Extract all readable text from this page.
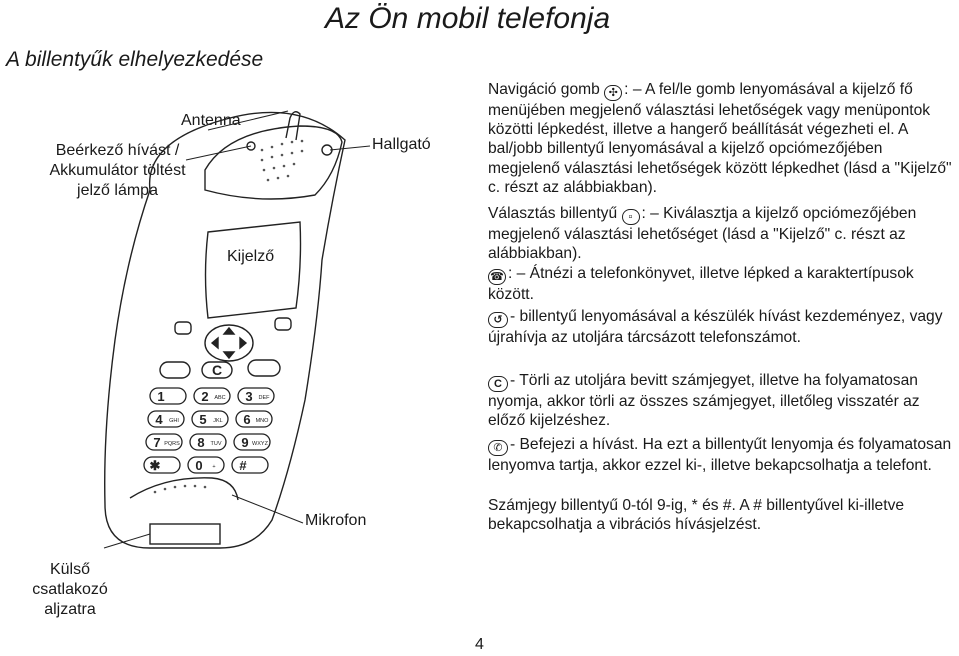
Az Ön mobil telefonja
A billentyűk elhelyezkedése
Antenna
Beérkező hívást /
Akkumulátor töltést
jelző lámpa
Hallgató
Kijelző
Mikrofon
Külső
csatlakozó
aljzatra
1	2 ABC 3 DEF
4 GHI 5 JKL 6 MNO
7 PQRS 8 TUV 9 WXYZ
✱	0 + #
C

Navigáció gomb ✣ : – A fel/le gomb lenyomásával a kijelző fő menüjében megjelenő választási lehetőségek vagy menüpontok közötti lépkedést, illetve a hangerő beállítását végezheti el. A bal/jobb billentyű lenyomásával a kijelző opciómezőjében megjelenő választási lehetőségek között lépkedhet (lásd a "Kijelző" c. részt az alábbiakban).

Választás billentyű ▫ : – Kiválasztja a kijelző opciómezőjében megjelenő választási lehetőséget (lásd a "Kijelző" c. részt az alábbiakban).

☎ : – Átnézi a telefonkönyvet, illetve lépked a karaktertípusok között.

↺ - billentyű lenyomásával a készülék hívást kezdeményez, vagy újrahívja az utoljára tárcsázott telefonszámot.

C - Törli az utoljára bevitt számjegyet, illetve ha folyamatosan nyomja, akkor törli az összes számjegyet, illetőleg visszatér az előző kijelzéshez.

✆ - Befejezi a hívást. Ha ezt a billentyűt lenyomja és folyamatosan lenyomva tartja, akkor ezzel ki-, illetve bekapcsolhatja a telefont.

Számjegy billentyű 0-tól 9-ig, * és #. A # billentyűvel ki-illetve bekapcsolhatja a vibrációs hívásjelzést.
4
